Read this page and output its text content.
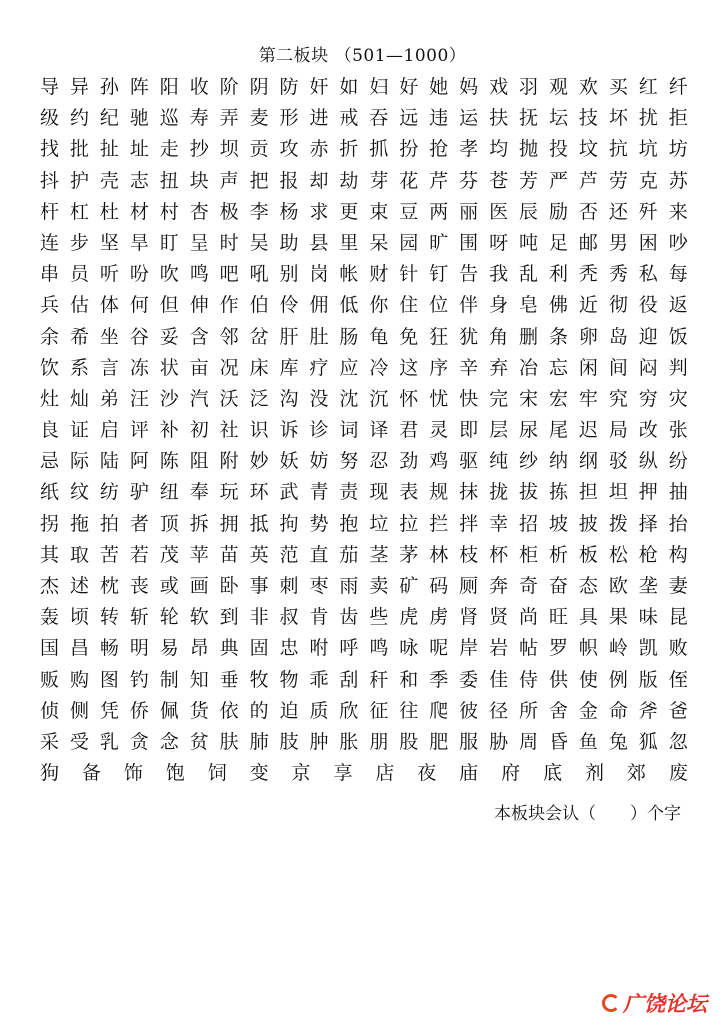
第二板块 （501—1000）
导 异 孙 阵 阳 收 阶 阴 防 奸 如 妇 好 她 妈 戏 羽 观 欢 买 红 纤
级 约 纪 驰 巡 寿 弄 麦 形 进 戒 吞 远 违 运 扶 抚 坛 技 坏 扰 拒
找 批 扯 址 走 抄 坝 贡 攻 赤 折 抓 扮 抢 孝 均 抛 投 坟 抗 坑 坊
抖 护 壳 志 扭 块 声 把 报 却 劫 芽 花 芹 芬 苍 芳 严 芦 劳 克 苏
杆 杠 杜 材 村 杏 极 李 杨 求 更 束 豆 两 丽 医 辰 励 否 还 歼 来
连 步 坚 旱 盯 呈 时 吴 助 县 里 呆 园 旷 围 呀 吨 足 邮 男 困 吵
串 员 听 吩 吹 鸣 吧 吼 别 岗 帐 财 针 钉 告 我 乱 利 秃 秀 私 每
兵 估 体 何 但 伸 作 伯 伶 佣 低 你 住 位 伴 身 皂 佛 近 彻 役 返
余 希 坐 谷 妥 含 邻 岔 肝 肚 肠 龟 免 狂 犹 角 删 条 卵 岛 迎 饭
饮 系 言 冻 状 亩 况 床 库 疗 应 冷 这 序 辛 弃 冶 忘 闲 间 闷 判
灶 灿 弟 汪 沙 汽 沃 泛 沟 没 沈 沉 怀 忧 快 完 宋 宏 牢 究 穷 灾
良 证 启 评 补 初 社 识 诉 诊 词 译 君 灵 即 层 尿 尾 迟 局 改 张
忌 际 陆 阿 陈 阻 附 妙 妖 妨 努 忍 劲 鸡 驱 纯 纱 纳 纲 驳 纵 纷
纸 纹 纺 驴 纽 奉 玩 环 武 青 责 现 表 规 抹 拢 拔 拣 担 坦 押 抽
拐 拖 拍 者 顶 拆 拥 抵 拘 势 抱 垃 拉 拦 拌 幸 招 坡 披 拨 择 抬
其 取 苦 若 茂 苹 苗 英 范 直 茄 茎 茅 林 枝 杯 柜 析 板 松 枪 构
杰 述 枕 丧 或 画 卧 事 刺 枣 雨 卖 矿 码 厕 奔 奇 奋 态 欧 垄 妻
轰 顷 转 斩 轮 软 到 非 叔 肯 齿 些 虎 虏 肾 贤 尚 旺 具 果 味 昆
国 昌 畅 明 易 昂 典 固 忠 咐 呼 鸣 咏 呢 岸 岩 帖 罗 帜 岭 凯 败
贩 购 图 钓 制 知 垂 牧 物 乖 刮 秆 和 季 委 佳 侍 供 使 例 版 侄
侦 侧 凭 侨 佩 货 依 的 迫 质 欣 征 往 爬 彼 径 所 舍 金 命 斧 爸
采 受 乳 贪 念 贫 肤 肺 肢 肿 胀 朋 股 肥 服 胁 周 昏 鱼 兔 狐 忽
狗 备 饰 饱 饲 变 京 享 店 夜 庙 府 底 剂 郊 废
本板块会认（　　）个字
广饶论坛
